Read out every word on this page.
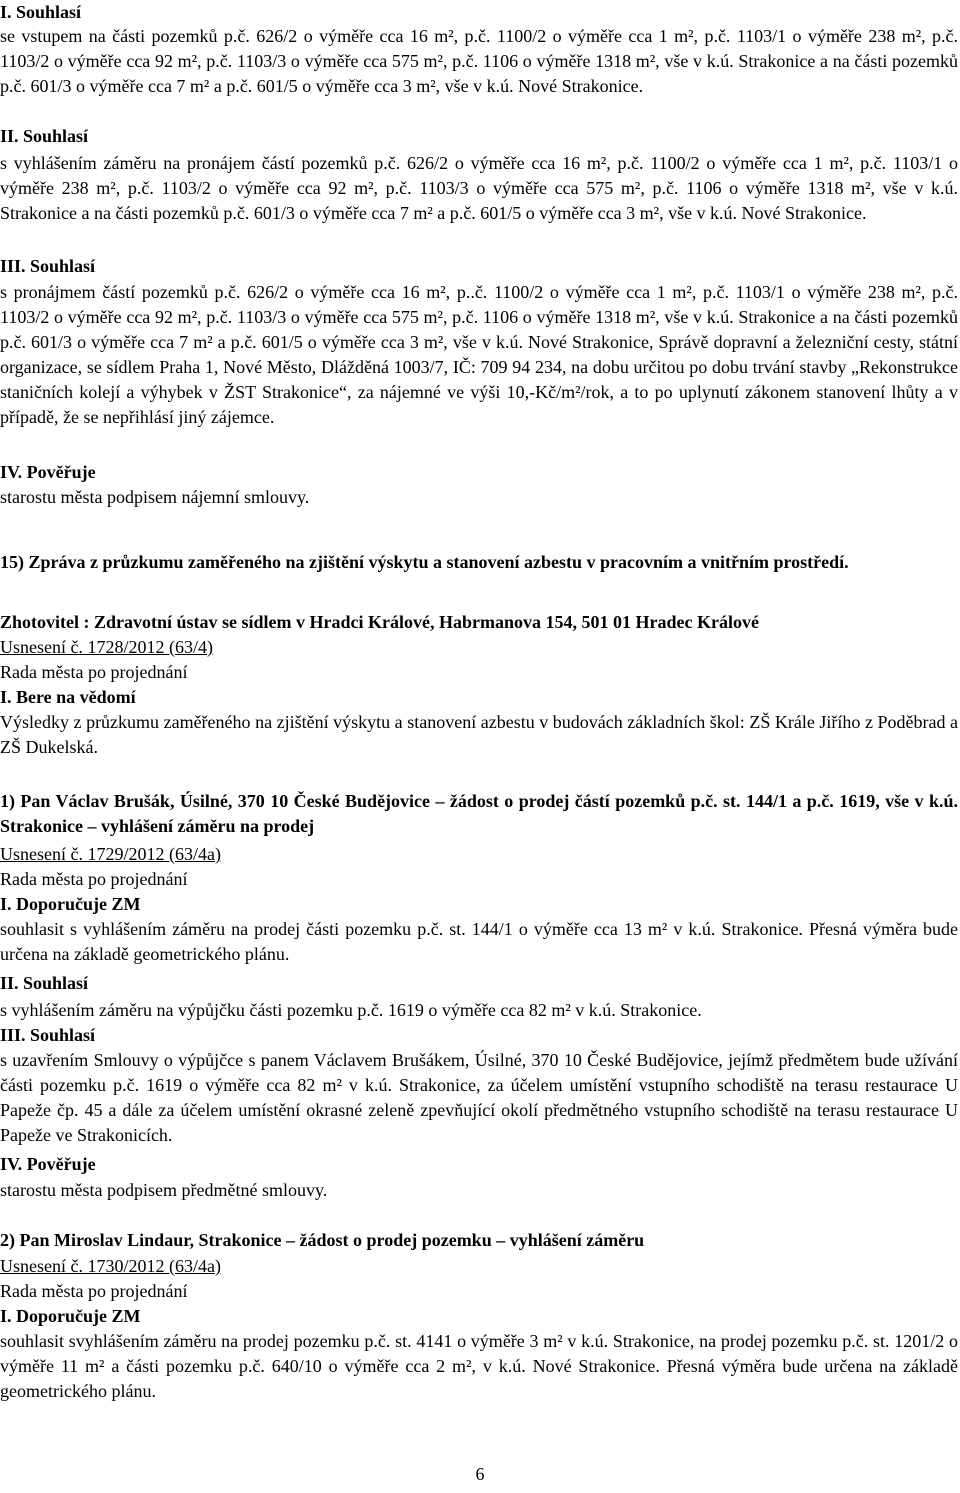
I. Souhlasí

se vstupem na části pozemků p.č. 626/2 o výměře cca 16 m², p.č. 1100/2 o výměře cca 1 m², p.č. 1103/1 o výměře 238 m², p.č. 1103/2 o výměře cca 92 m², p.č. 1103/3 o výměře cca 575 m², p.č. 1106 o výměře 1318 m², vše v k.ú. Strakonice a na části pozemků p.č. 601/3 o výměře cca 7 m² a p.č. 601/5 o výměře cca 3 m², vše v k.ú. Nové Strakonice.

II. Souhlasí

s vyhlášením záměru na pronájem částí pozemků p.č. 626/2 o výměře cca 16 m², p.č. 1100/2 o výměře cca 1 m², p.č. 1103/1 o výměře 238 m², p.č. 1103/2 o výměře cca 92 m², p.č. 1103/3 o výměře cca 575 m², p.č. 1106 o výměře 1318 m², vše v k.ú. Strakonice a na části pozemků p.č. 601/3 o výměře cca 7 m² a p.č. 601/5 o výměře cca 3 m², vše v k.ú. Nové Strakonice.

III. Souhlasí

s pronájmem částí pozemků p.č. 626/2 o výměře cca 16 m², p..č. 1100/2 o výměře cca 1 m², p.č. 1103/1 o výměře 238 m², p.č. 1103/2 o výměře cca 92 m², p.č. 1103/3 o výměře cca 575 m², p.č. 1106 o výměře 1318 m², vše v k.ú. Strakonice a na části pozemků p.č. 601/3 o výměře cca 7 m² a p.č. 601/5 o výměře cca 3 m², vše v k.ú. Nové Strakonice, Správě dopravní a železniční cesty, státní organizace, se sídlem Praha 1, Nové Město, Dlážděná 1003/7, IČ: 709 94 234, na dobu určitou po dobu trvání stavby „Rekonstrukce staničních kolejí a výhybek v ŽST Strakonice“, za nájemné ve výši 10,-Kč/m²/rok, a to po uplynutí zákonem stanovení lhůty a v případě, že se nepřihlásí jiný zájemce.

IV. Pověřuje

starostu města podpisem nájemní smlouvy.

15) Zpráva z průzkumu zaměřeného na zjištění výskytu a stanovení azbestu v pracovním a vnitřním prostředí.

Zhotovitel : Zdravotní ústav se sídlem v Hradci Králové, Habrmanova 154, 501 01 Hradec Králové

Usnesení č. 1728/2012 (63/4)

Rada města po projednání

I. Bere na vědomí

Výsledky z průzkumu zaměřeného na zjištění výskytu a stanovení azbestu v budovách základních škol: ZŠ Krále Jiřího z Poděbrad a ZŠ Dukelská.

1) Pan Václav Brušák, Úsilné, 370 10 České Budějovice – žádost o prodej částí pozemků p.č. st. 144/1 a p.č. 1619, vše v k.ú. Strakonice – vyhlášení záměru na prodej

Usnesení č. 1729/2012 (63/4a)

Rada města po projednání

I. Doporučuje ZM

souhlasit s vyhlášením záměru na prodej části pozemku p.č. st. 144/1 o výměře cca 13 m² v k.ú. Strakonice. Přesná výměra bude určena na základě geometrického plánu.

II. Souhlasí

s vyhlášením záměru na výpůjčku části pozemku p.č. 1619 o výměře cca 82 m² v k.ú. Strakonice.

III. Souhlasí

s uzavřením Smlouvy o výpůjčce s panem Václavem Brušákem, Úsilné, 370 10 České Budějovice, jejímž předmětem bude užívání části pozemku p.č. 1619 o výměře cca 82 m² v k.ú. Strakonice, za účelem umístění vstupního schodiště na terasu restaurace U Papeže čp. 45 a dále za účelem umístění okrasné zeleně zpevňující okolí předmětného vstupního schodiště na terasu restaurace U Papeže ve Strakonicích.

IV. Pověřuje

starostu města podpisem předmětné smlouvy.

2) Pan Miroslav Lindaur, Strakonice – žádost o prodej pozemku – vyhlášení záměru

Usnesení č. 1730/2012 (63/4a)

Rada města po projednání

I. Doporučuje ZM

souhlasit svyhlášením záměru na prodej pozemku p.č. st. 4141 o výměře 3 m² v k.ú. Strakonice, na prodej pozemku p.č. st. 1201/2 o výměře 11 m² a části pozemku p.č. 640/10 o výměře cca 2 m², v k.ú. Nové Strakonice. Přesná výměra bude určena na základě geometrického plánu.

6
